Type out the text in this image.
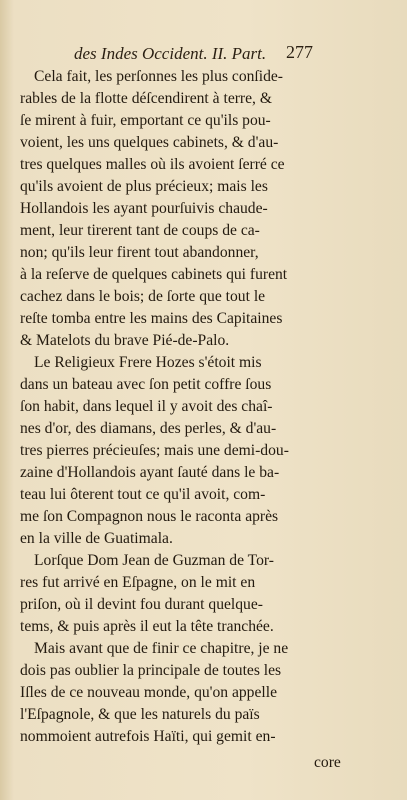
des Indes Occident. II. Part.	277
Cela fait, les perſonnes les plus conſide-
rables de la flotte déſcendirent à terre, &
ſe mirent à fuir, emportant ce qu'ils pou-
voient, les uns quelques cabinets, & d'au-
tres quelques malles où ils avoient ſerré ce
qu'ils avoient de plus précieux; mais les
Hollandois les ayant pourſuivis chaude-
ment, leur tirerent tant de coups de ca-
non; qu'ils leur firent tout abandonner,
à la reſerve de quelques cabinets qui furent
cachez dans le bois; de ſorte que tout le
reſte tomba entre les mains des Capitaines
& Matelots du brave Pié-de-Palo.
Le Religieux Frere Hozes s'étoit mis
dans un bateau avec ſon petit coffre ſous
ſon habit, dans lequel il y avoit des chaî-
nes d'or, des diamans, des perles, & d'au-
tres pierres précieuſes; mais une demi-dou-
zaine d'Hollandois ayant ſauté dans le ba-
teau lui ôterent tout ce qu'il avoit, com-
me ſon Compagnon nous le raconta après
en la ville de Guatimala.
Lorſque Dom Jean de Guzman de Tor-
res fut arrivé en Eſpagne, on le mit en
priſon, où il devint fou durant quelque-
tems, & puis après il eut la tête tranchée.
Mais avant que de finir ce chapitre, je ne
dois pas oublier la principale de toutes les
Iſles de ce nouveau monde, qu'on appelle
l'Eſpagnole, & que les naturels du païs
nommoient autrefois Haïti, qui gemit en-
core
